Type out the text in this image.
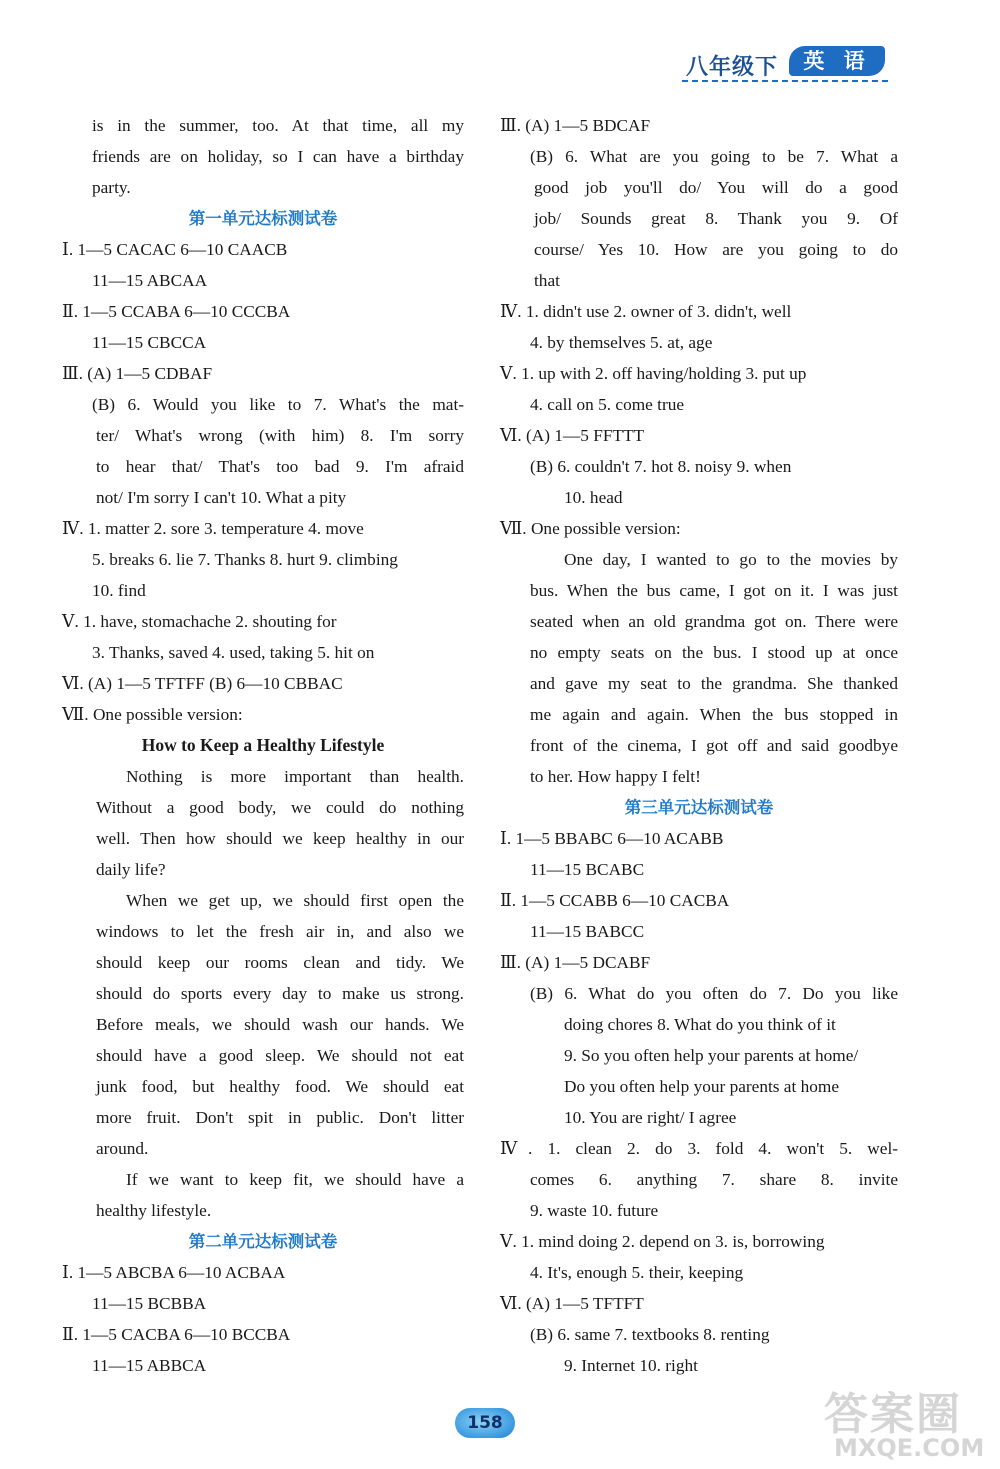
八年级下	英 语
is in the summer, too. At that time, all my
friends are on holiday, so I can have a birthday
party.
第一单元达标测试卷
Ⅰ. 1—5 CACAC 6—10 CAACB
11—15 ABCAA
Ⅱ. 1—5 CCABA 6—10 CCCBA
11—15 CBCCA
Ⅲ. (A) 1—5 CDBAF
(B) 6. Would you like to 7. What's the mat-
ter/ What's wrong (with him) 8. I'm sorry
to hear that/ That's too bad 9. I'm afraid
not/ I'm sorry I can't 10. What a pity
Ⅳ. 1. matter 2. sore 3. temperature 4. move
5. breaks 6. lie 7. Thanks 8. hurt 9. climbing
10. find
Ⅴ. 1. have, stomachache 2. shouting for
3. Thanks, saved 4. used, taking 5. hit on
Ⅵ. (A) 1—5 TFTFF (B) 6—10 CBBAC
Ⅶ. One possible version:
How to Keep a Healthy Lifestyle
Nothing is more important than health.
Without a good body, we could do nothing
well. Then how should we keep healthy in our
daily life?
When we get up, we should first open the
windows to let the fresh air in, and also we
should keep our rooms clean and tidy. We
should do sports every day to make us strong.
Before meals, we should wash our hands. We
should have a good sleep. We should not eat
junk food, but healthy food. We should eat
more fruit. Don't spit in public. Don't litter
around.
If we want to keep fit, we should have a
healthy lifestyle.
第二单元达标测试卷
Ⅰ. 1—5 ABCBA 6—10 ACBAA
11—15 BCBBA
Ⅱ. 1—5 CACBA 6—10 BCCBA
11—15 ABBCA
Ⅲ. (A) 1—5 BDCAF
(B) 6. What are you going to be 7. What a
good job you'll do/ You will do a good
job/ Sounds great 8. Thank you 9. Of
course/ Yes 10. How are you going to do
that
Ⅳ. 1. didn't use 2. owner of 3. didn't, well
4. by themselves 5. at, age
Ⅴ. 1. up with 2. off having/holding 3. put up
4. call on 5. come true
Ⅵ. (A) 1—5 FFTTT
(B) 6. couldn't 7. hot 8. noisy 9. when
10. head
Ⅶ. One possible version:
One day, I wanted to go to the movies by
bus. When the bus came, I got on it. I was just
seated when an old grandma got on. There were
no empty seats on the bus. I stood up at once
and gave my seat to the grandma. She thanked
me again and again. When the bus stopped in
front of the cinema, I got off and said goodbye
to her. How happy I felt!
第三单元达标测试卷
Ⅰ. 1—5 BBABC 6—10 ACABB
11—15 BCABC
Ⅱ. 1—5 CCABB 6—10 CACBA
11—15 BABCC
Ⅲ. (A) 1—5 DCABF
(B) 6. What do you often do 7. Do you like
doing chores 8. What do you think of it
9. So you often help your parents at home/
Do you often help your parents at home
10. You are right/ I agree
Ⅳ. 1. clean 2. do 3. fold 4. won't 5. wel-
comes 6. anything 7. share 8. invite
9. waste 10. future
Ⅴ. 1. mind doing 2. depend on 3. is, borrowing
4. It's, enough 5. their, keeping
Ⅵ. (A) 1—5 TFTFT
(B) 6. same 7. textbooks 8. renting
9. Internet 10. right
158	答案圈
MXQE.COM
